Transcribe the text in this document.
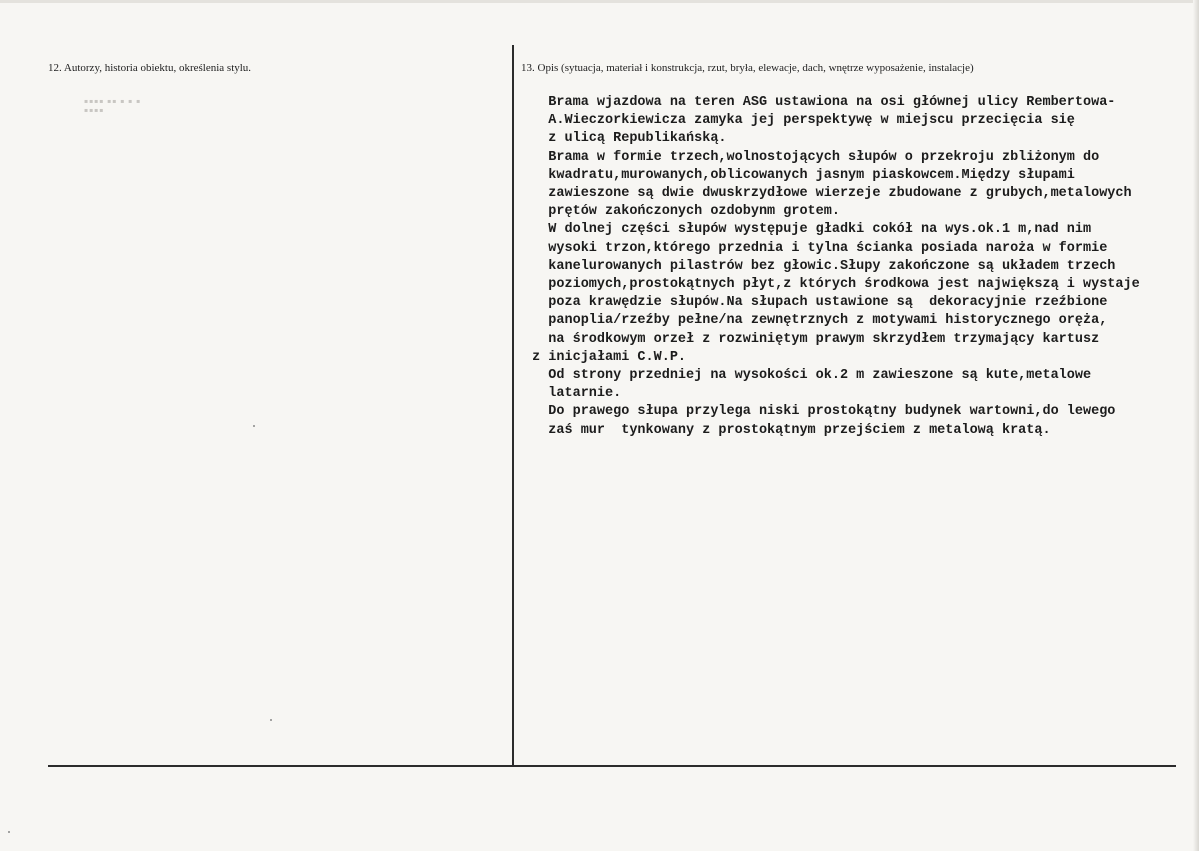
12. Autorzy, historia obiektu, określenia stylu.
▪▪▪▪ ▪▪ ▪ ▪ ▪
▪▪▪▪
13. Opis (sytuacja, materiał i konstrukcja, rzut, bryła, elewacje, dach, wnętrze wyposażenie, instalacje)
Brama wjazdowa na teren ASG ustawiona na osi głównej ulicy Rembertowa-
A.Wieczorkiewicza zamyka jej perspektywę w miejscu przecięcia się
z ulicą Republikańską.
Brama w formie trzech,wolnostojących słupów o przekroju zbliżonym do
kwadratu,murowanych,oblicowanych jasnym piaskowcem.Między słupami
zawieszone są dwie dwuskrzydłowe wierzeje zbudowane z grubych,metalowych
prętów zakończonych ozdobynm grotem.
W dolnej części słupów występuje gładki cokół na wys.ok.1 m,nad nim
wysoki trzon,którego przednia i tylna ścianka posiada naroża w formie
kanelurowanych pilastrów bez głowic.Słupy zakończone są układem trzech
poziomych,prostokątnych płyt,z których środkowa jest największą i wystaje
poza krawędzie słupów.Na słupach ustawione są  dekoracyjnie rzeźbione
panoplia/rzeźby pełne/na zewnętrznych z motywami historycznego oręża,
na środkowym orzeł z rozwiniętym prawym skrzydłem trzymający kartusz
z inicjałami C.W.P.
Od strony przedniej na wysokości ok.2 m zawieszone są kute,metalowe
latarnie.
Do prawego słupa przylega niski prostokątny budynek wartowni,do lewego
zaś mur  tynkowany z prostokątnym przejściem z metalową kratą.
